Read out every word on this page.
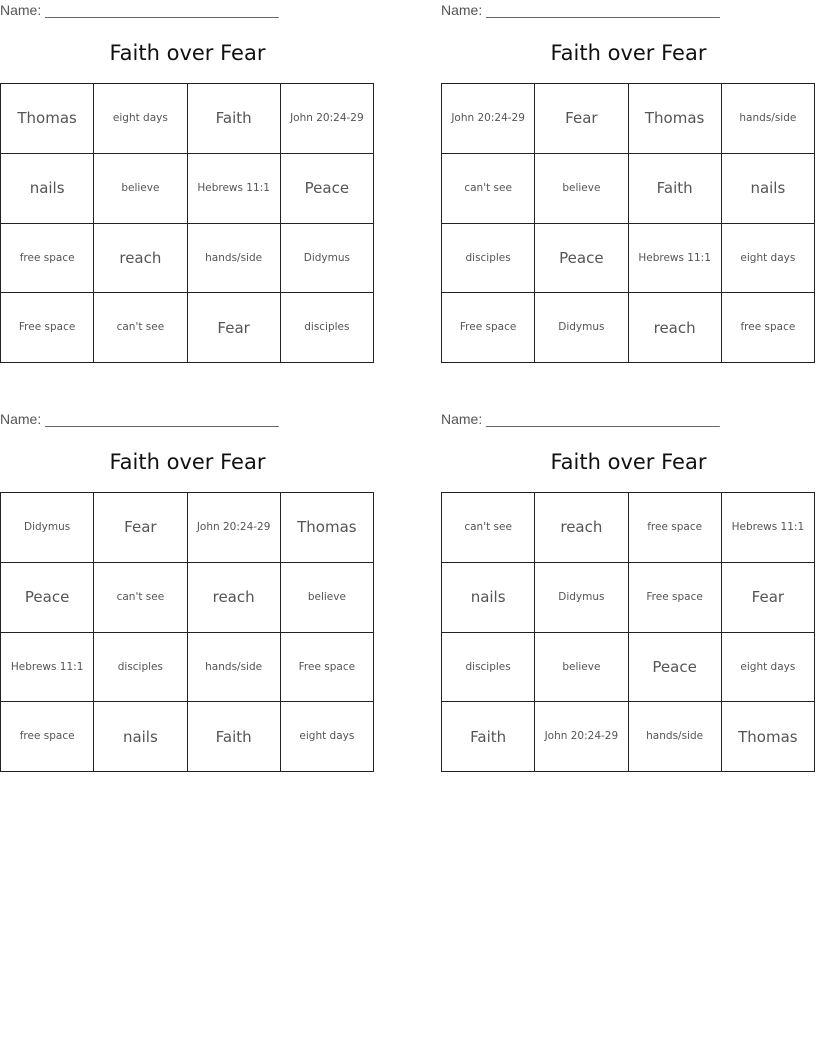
Name: ______________________________
Faith over Fear
Thomas	eight days	Faith	John 20:24-29
nails	believe	Hebrews 11:1	Peace
free space	reach	hands/side	Didymus
Free space	can't see	Fear	disciples
Name: ______________________________
Faith over Fear
John 20:24-29	Fear	Thomas	hands/side
can't see	believe	Faith	nails
disciples	Peace	Hebrews 11:1	eight days
Free space	Didymus	reach	free space
Name: ______________________________
Faith over Fear
Didymus	Fear	John 20:24-29	Thomas
Peace	can't see	reach	believe
Hebrews 11:1	disciples	hands/side	Free space
free space	nails	Faith	eight days
Name: ______________________________
Faith over Fear
can't see	reach	free space	Hebrews 11:1
nails	Didymus	Free space	Fear
disciples	believe	Peace	eight days
Faith	John 20:24-29	hands/side	Thomas
